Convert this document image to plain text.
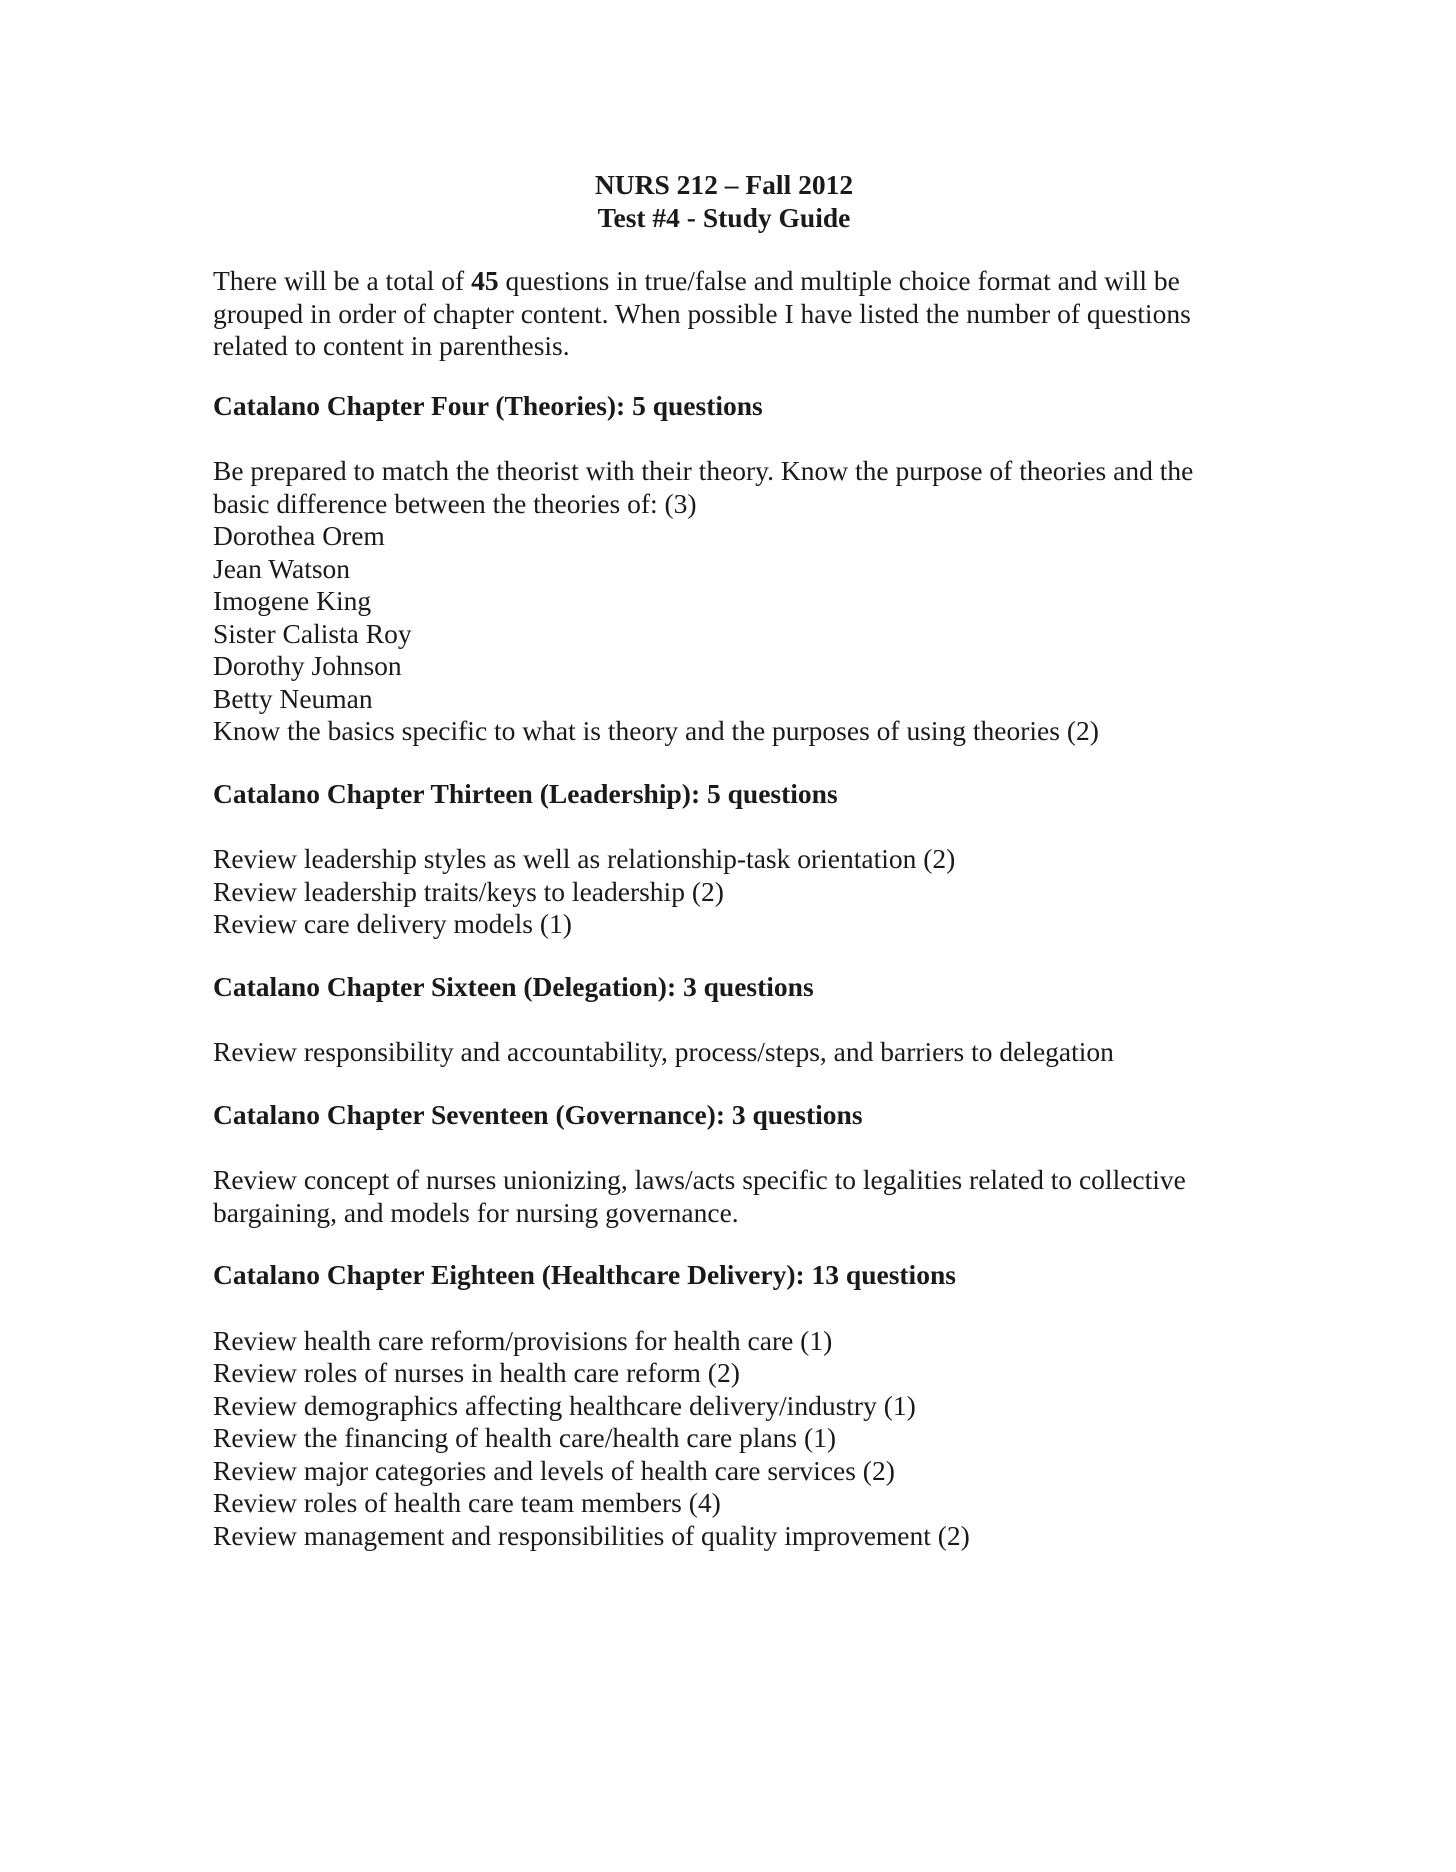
NURS 212 – Fall 2012
Test #4 - Study Guide

There will be a total of 45 questions in true/false and multiple choice format and will be grouped in order of chapter content. When possible I have listed the number of questions related to content in parenthesis.

Catalano Chapter Four (Theories): 5 questions
Be prepared to match the theorist with their theory. Know the purpose of theories and the basic difference between the theories of: (3)
Dorothea Orem
Jean Watson
Imogene King
Sister Calista Roy
Dorothy Johnson
Betty Neuman
Know the basics specific to what is theory and the purposes of using theories (2)
Catalano Chapter Thirteen (Leadership): 5 questions
Review leadership styles as well as relationship-task orientation (2)
Review leadership traits/keys to leadership (2)
Review care delivery models (1)
Catalano Chapter Sixteen (Delegation): 3 questions
Review responsibility and accountability, process/steps, and barriers to delegation
Catalano Chapter Seventeen (Governance): 3 questions
Review concept of nurses unionizing, laws/acts specific to legalities related to collective bargaining, and models for nursing governance.
Catalano Chapter Eighteen (Healthcare Delivery): 13 questions
Review health care reform/provisions for health care (1)
Review roles of nurses in health care reform (2)
Review demographics affecting healthcare delivery/industry (1)
Review the financing of health care/health care plans (1)
Review major categories and levels of health care services (2)
Review roles of health care team members (4)
Review management and responsibilities of quality improvement (2)
